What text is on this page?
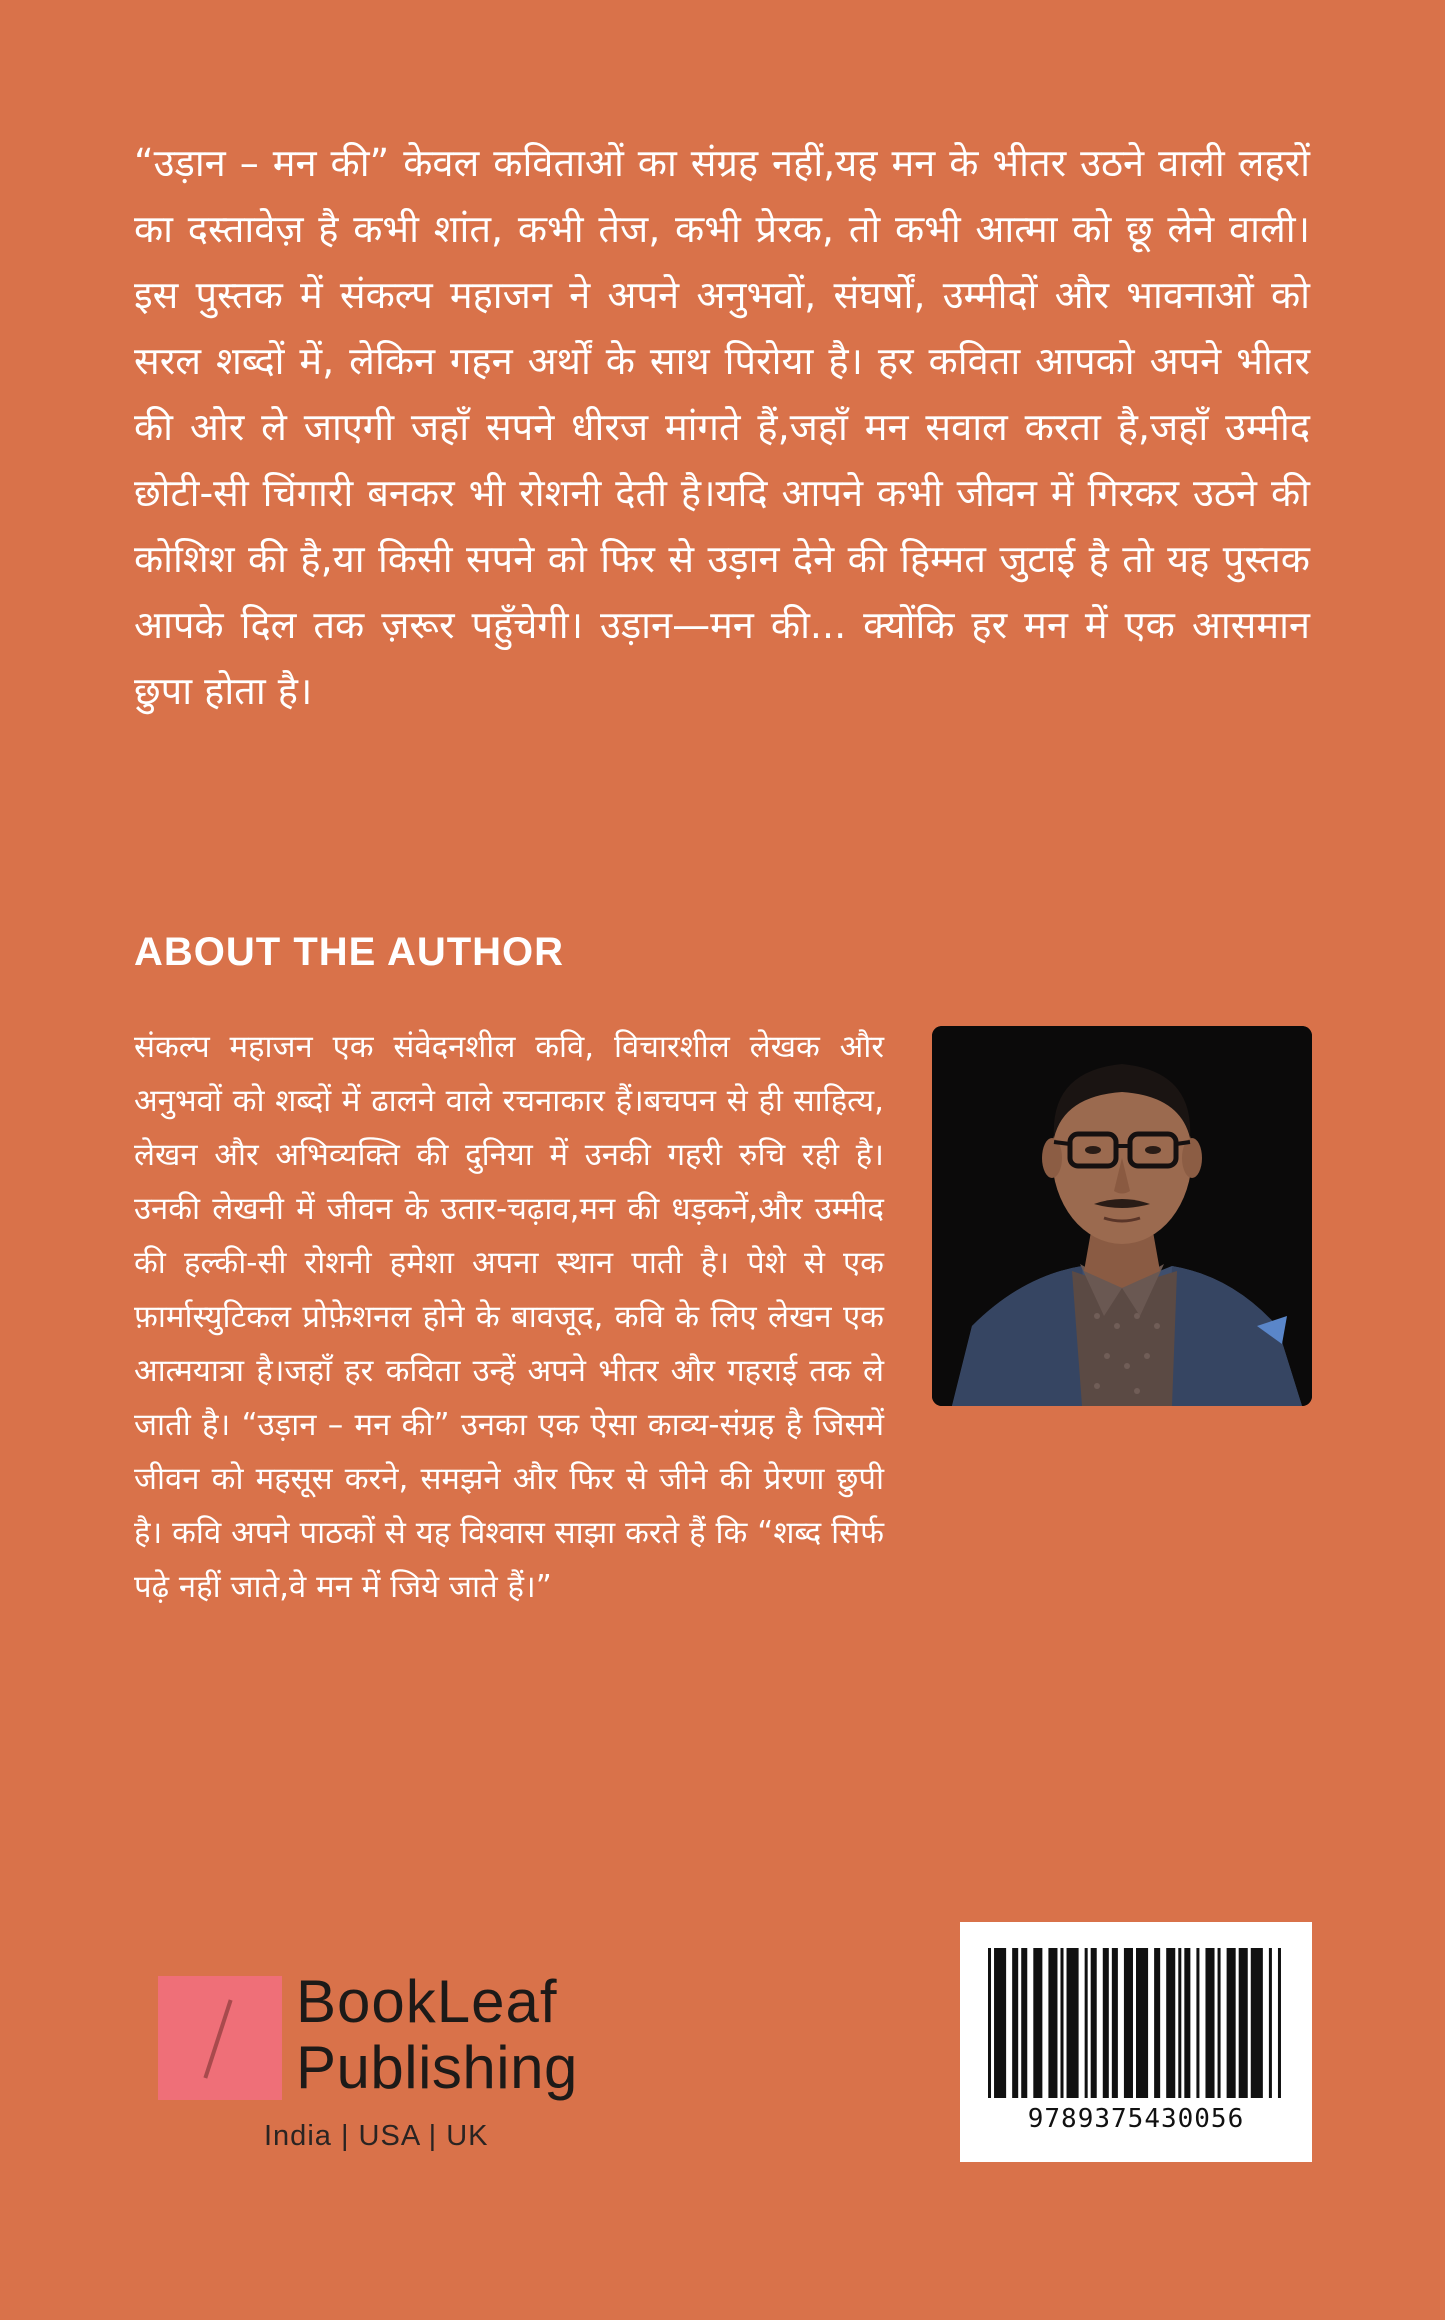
“उड़ान – मन की” केवल कविताओं का संग्रह नहीं,यह मन के भीतर उठने वाली लहरों का दस्तावेज़ है कभी शांत, कभी तेज, कभी प्रेरक, तो कभी आत्मा को छू लेने वाली।इस पुस्तक में संकल्प महाजन ने अपने अनुभवों, संघर्षों, उम्मीदों और भावनाओं को सरल शब्दों में, लेकिन गहन अर्थों के साथ पिरोया है। हर कविता आपको अपने भीतर की ओर ले जाएगी जहाँ सपने धीरज मांगते हैं,जहाँ मन सवाल करता है,जहाँ उम्मीद छोटी-सी चिंगारी बनकर भी रोशनी देती है।यदि आपने कभी जीवन में गिरकर उठने की कोशिश की है,या किसी सपने को फिर से उड़ान देने की हिम्मत जुटाई है तो यह पुस्तक आपके दिल तक ज़रूर पहुँचेगी। उड़ान—मन की... क्योंकि हर मन में एक आसमान छुपा होता है।

ABOUT THE AUTHOR

संकल्प महाजन एक संवेदनशील कवि, विचारशील लेखक और अनुभवों को शब्दों में ढालने वाले रचनाकार हैं।बचपन से ही साहित्य, लेखन और अभिव्यक्ति की दुनिया में उनकी गहरी रुचि रही है। उनकी लेखनी में जीवन के उतार-चढ़ाव,मन की धड़कनें,और उम्मीद की हल्की-सी रोशनी हमेशा अपना स्थान पाती है। पेशे से एक फ़ार्मास्युटिकल प्रोफ़ेशनल होने के बावजूद, कवि के लिए लेखन एक आत्मयात्रा है।जहाँ हर कविता उन्हें अपने भीतर और गहराई तक ले जाती है। “उड़ान – मन की” उनका एक ऐसा काव्य-संग्रह है जिसमें जीवन को महसूस करने, समझने और फिर से जीने की प्रेरणा छुपी है। कवि अपने पाठकों से यह विश्वास साझा करते हैं कि “शब्द सिर्फ पढ़े नहीं जाते,वे मन में जिये जाते हैं।”

BookLeaf
Publishing
India | USA | UK
9789375430056
